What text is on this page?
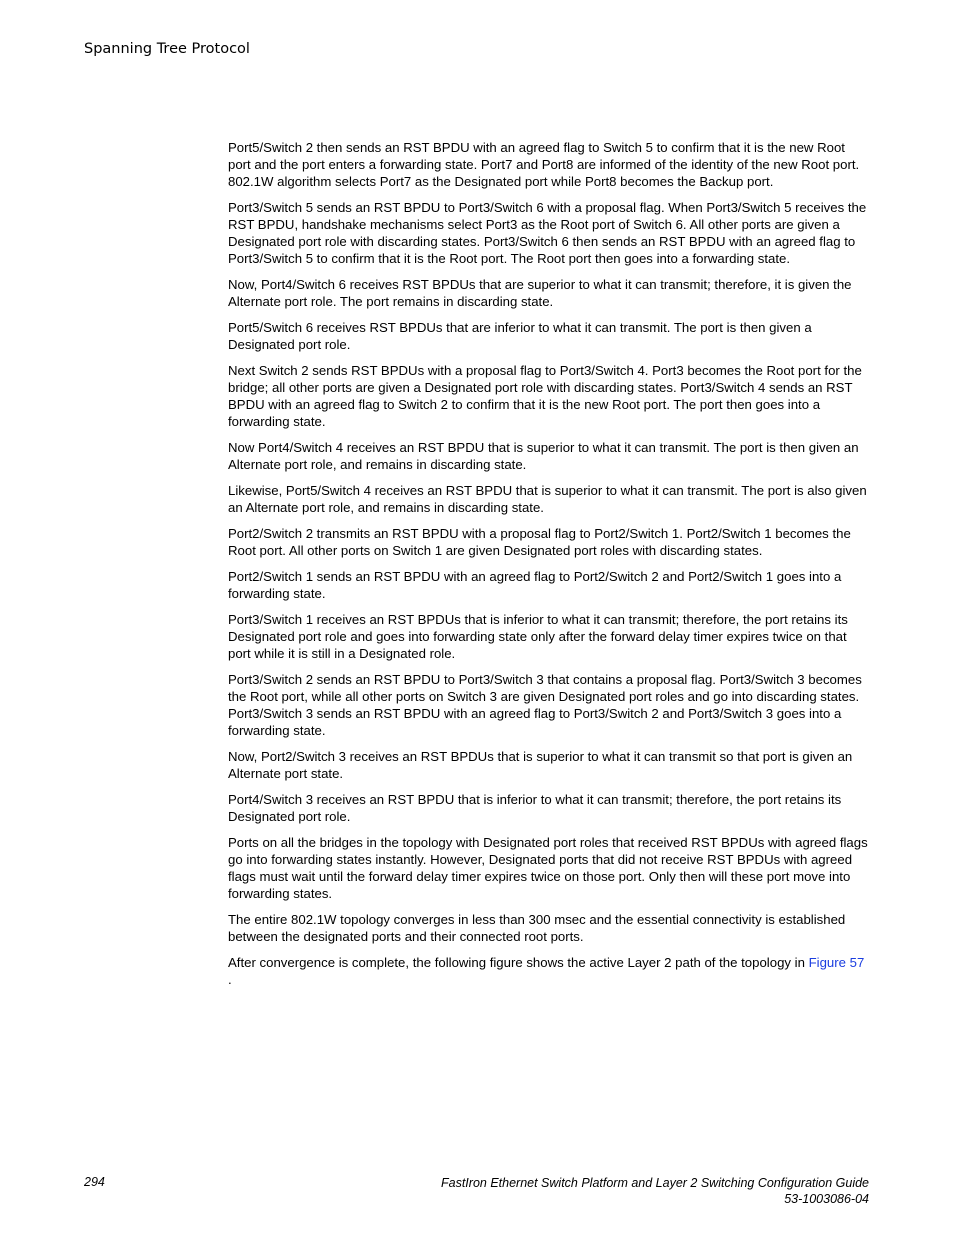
Spanning Tree Protocol

Port5/Switch 2 then sends an RST BPDU with an agreed flag to Switch 5 to confirm that it is the new Root port and the port enters a forwarding state. Port7 and Port8 are informed of the identity of the new Root port. 802.1W algorithm selects Port7 as the Designated port while Port8 becomes the Backup port.

Port3/Switch 5 sends an RST BPDU to Port3/Switch 6 with a proposal flag. When Port3/Switch 5 receives the RST BPDU, handshake mechanisms select Port3 as the Root port of Switch 6. All other ports are given a Designated port role with discarding states. Port3/Switch 6 then sends an RST BPDU with an agreed flag to Port3/Switch 5 to confirm that it is the Root port. The Root port then goes into a forwarding state.

Now, Port4/Switch 6 receives RST BPDUs that are superior to what it can transmit; therefore, it is given the Alternate port role. The port remains in discarding state.

Port5/Switch 6 receives RST BPDUs that are inferior to what it can transmit. The port is then given a Designated port role.

Next Switch 2 sends RST BPDUs with a proposal flag to Port3/Switch 4. Port3 becomes the Root port for the bridge; all other ports are given a Designated port role with discarding states. Port3/Switch 4 sends an RST BPDU with an agreed flag to Switch 2 to confirm that it is the new Root port. The port then goes into a forwarding state.

Now Port4/Switch 4 receives an RST BPDU that is superior to what it can transmit. The port is then given an Alternate port role, and remains in discarding state.

Likewise, Port5/Switch 4 receives an RST BPDU that is superior to what it can transmit. The port is also given an Alternate port role, and remains in discarding state.

Port2/Switch 2 transmits an RST BPDU with a proposal flag to Port2/Switch 1. Port2/Switch 1 becomes the Root port. All other ports on Switch 1 are given Designated port roles with discarding states.

Port2/Switch 1 sends an RST BPDU with an agreed flag to Port2/Switch 2 and Port2/Switch 1 goes into a forwarding state.

Port3/Switch 1 receives an RST BPDUs that is inferior to what it can transmit; therefore, the port retains its Designated port role and goes into forwarding state only after the forward delay timer expires twice on that port while it is still in a Designated role.

Port3/Switch 2 sends an RST BPDU to Port3/Switch 3 that contains a proposal flag. Port3/Switch 3 becomes the Root port, while all other ports on Switch 3 are given Designated port roles and go into discarding states. Port3/Switch 3 sends an RST BPDU with an agreed flag to Port3/Switch 2 and Port3/Switch 3 goes into a forwarding state.

Now, Port2/Switch 3 receives an RST BPDUs that is superior to what it can transmit so that port is given an Alternate port state.

Port4/Switch 3 receives an RST BPDU that is inferior to what it can transmit; therefore, the port retains its Designated port role.

Ports on all the bridges in the topology with Designated port roles that received RST BPDUs with agreed flags go into forwarding states instantly. However, Designated ports that did not receive RST BPDUs with agreed flags must wait until the forward delay timer expires twice on those port. Only then will these port move into forwarding states.

The entire 802.1W topology converges in less than 300 msec and the essential connectivity is established between the designated ports and their connected root ports.

After convergence is complete, the following figure shows the active Layer 2 path of the topology in Figure 57 .

294	FastIron Ethernet Switch Platform and Layer 2 Switching Configuration Guide
53-1003086-04
